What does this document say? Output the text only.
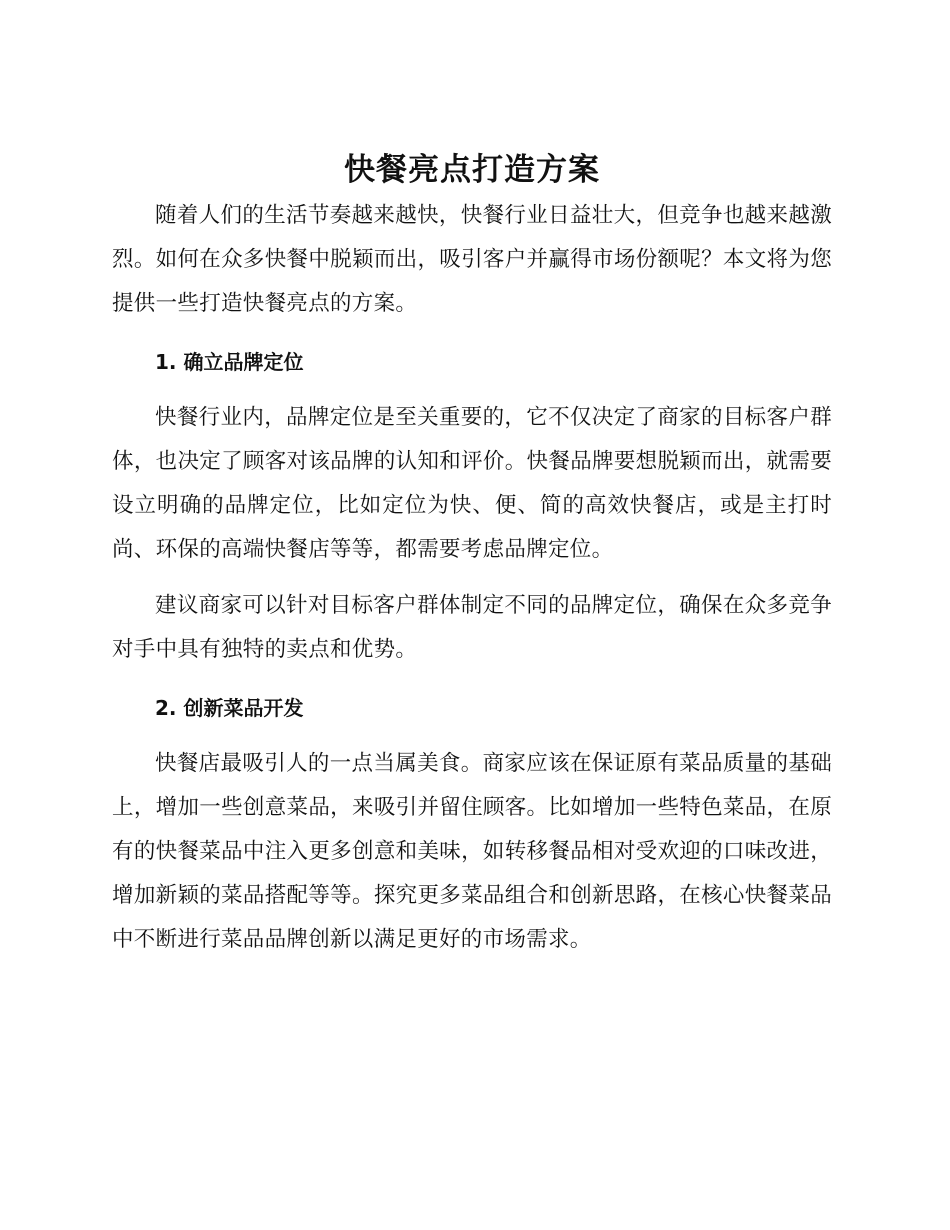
快餐亮点打造方案

随着人们的生活节奏越来越快，快餐行业日益壮大，但竞争也越来越激烈。如何在众多快餐中脱颖而出，吸引客户并赢得市场份额呢？本文将为您提供一些打造快餐亮点的方案。

1. 确立品牌定位

快餐行业内，品牌定位是至关重要的，它不仅决定了商家的目标客户群体，也决定了顾客对该品牌的认知和评价。快餐品牌要想脱颖而出，就需要设立明确的品牌定位，比如定位为快、便、简的高效快餐店，或是主打时尚、环保的高端快餐店等等，都需要考虑品牌定位。

建议商家可以针对目标客户群体制定不同的品牌定位，确保在众多竞争对手中具有独特的卖点和优势。

2. 创新菜品开发

快餐店最吸引人的一点当属美食。商家应该在保证原有菜品质量的基础上，增加一些创意菜品，来吸引并留住顾客。比如增加一些特色菜品，在原有的快餐菜品中注入更多创意和美味，如转移餐品相对受欢迎的口味改进，增加新颖的菜品搭配等等。探究更多菜品组合和创新思路，在核心快餐菜品中不断进行菜品品牌创新以满足更好的市场需求。
